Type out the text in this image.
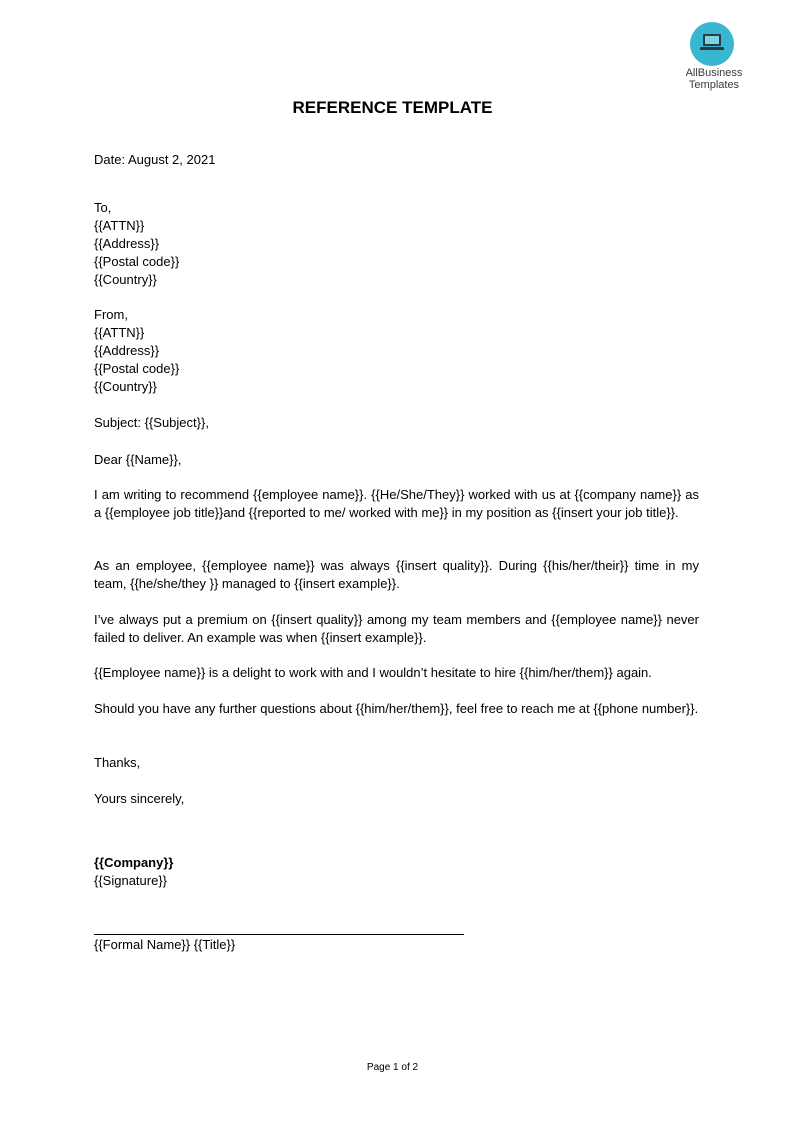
AllBusiness
Templates
REFERENCE TEMPLATE
Date: August 2, 2021
To,
{{ATTN}}
{{Address}}
{{Postal code}}
{{Country}}
From,
{{ATTN}}
{{Address}}
{{Postal code}}
{{Country}}
Subject: {{Subject}},
Dear {{Name}},

I am writing to recommend {{employee name}}. {{He/She/They}} worked with us at {{company name}} as a {{employee job title}}and {{reported to me/ worked with me}} in my position as {{insert your job title}}.

As an employee, {{employee name}} was always {{insert quality}}. During {{his/her/their}} time in my team, {{he/she/they }} managed to {{insert example}}.

I’ve always put a premium on {{insert quality}} among my team members and {{employee name}} never failed to deliver. An example was when {{insert example}}.

{{Employee name}} is a delight to work with and I wouldn’t hesitate to hire {{him/her/them}} again.

Should you have any further questions about {{him/her/them}}, feel free to reach me at {{phone number}}.

Thanks,
Yours sincerely,
{{Company}}
{{Signature}}
{{Formal Name}} {{Title}}
Page 1 of 2
